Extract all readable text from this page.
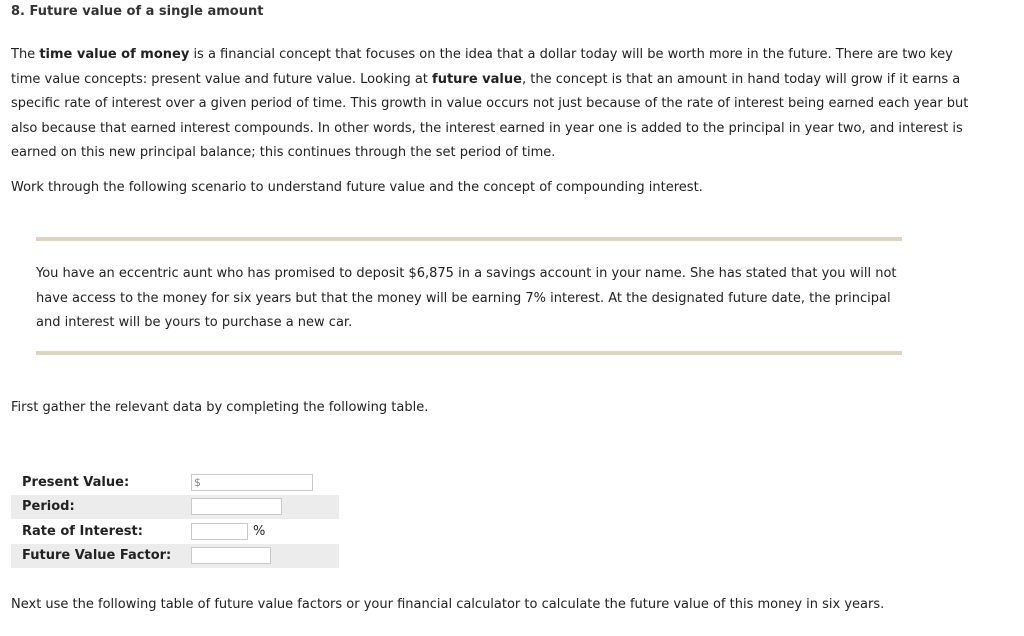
8. Future value of a single amount

The time value of money is a financial concept that focuses on the idea that a dollar today will be worth more in the future. There are two key time value concepts: present value and future value. Looking at future value, the concept is that an amount in hand today will grow if it earns a specific rate of interest over a given period of time. This growth in value occurs not just because of the rate of interest being earned each year but also because that earned interest compounds. In other words, the interest earned in year one is added to the principal in year two, and interest is earned on this new principal balance; this continues through the set period of time.

Work through the following scenario to understand future value and the concept of compounding interest.

You have an eccentric aunt who has promised to deposit $6,875 in a savings account in your name. She has stated that you will not have access to the money for six years but that the money will be earning 7% interest. At the designated future date, the principal and interest will be yours to purchase a new car.

First gather the relevant data by completing the following table.

Present Value:	$

Period:	
Rate of Interest:	%
Future Value Factor:	

Next use the following table of future value factors or your financial calculator to calculate the future value of this money in six years.
